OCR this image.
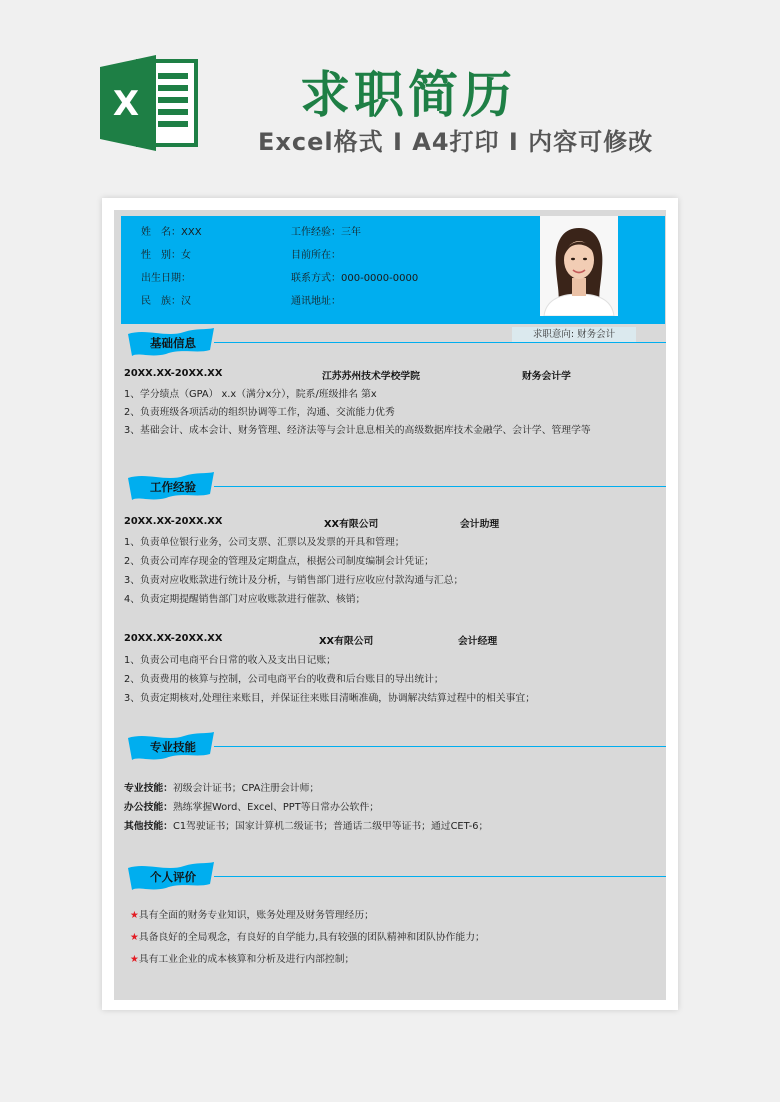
X	求职简历
Excel格式 I A4打印 I 内容可修改
姓　名：XXX
性　别：女
出生日期：
民　族：汉
工作经验：三年
目前所在：
联系方式：000-0000-0000
通讯地址：
求职意向: 财务会计
基础信息
20XX.XX-20XX.XX	江苏苏州技术学校学院	财务会计学
1、学分绩点（GPA） x.x（满分x分），院系/班级排名 第x
2、负责班级各项活动的组织协调等工作，沟通、交流能力优秀
3、基础会计、成本会计、财务管理、经济法等与会计息息相关的高级数据库技术金融学、会计学、管理学等
工作经验
20XX.XX-20XX.XX	XX有限公司	会计助理
1、负责单位银行业务，公司支票、汇票以及发票的开具和管理；
2、负责公司库存现金的管理及定期盘点，根据公司制度编制会计凭证；
3、负责对应收账款进行统计及分析，与销售部门进行应收应付款沟通与汇总；
4、负责定期提醒销售部门对应收账款进行催款、核销；
20XX.XX-20XX.XX	XX有限公司	会计经理
1、负责公司电商平台日常的收入及支出日记账；
2、负责费用的核算与控制，公司电商平台的收费和后台账目的导出统计；
3、负责定期核对,处理往来账目，并保证往来账目清晰准确，协调解决结算过程中的相关事宜；
专业技能
专业技能：初级会计证书；CPA注册会计师；
办公技能：熟练掌握Word、Excel、PPT等日常办公软件；
其他技能：C1驾驶证书；国家计算机二级证书；普通话二级甲等证书；通过CET-6；
个人评价
★具有全面的财务专业知识，账务处理及财务管理经历；
★具备良好的全局观念，有良好的自学能力,具有较强的团队精神和团队协作能力；
★具有工业企业的成本核算和分析及进行内部控制；
